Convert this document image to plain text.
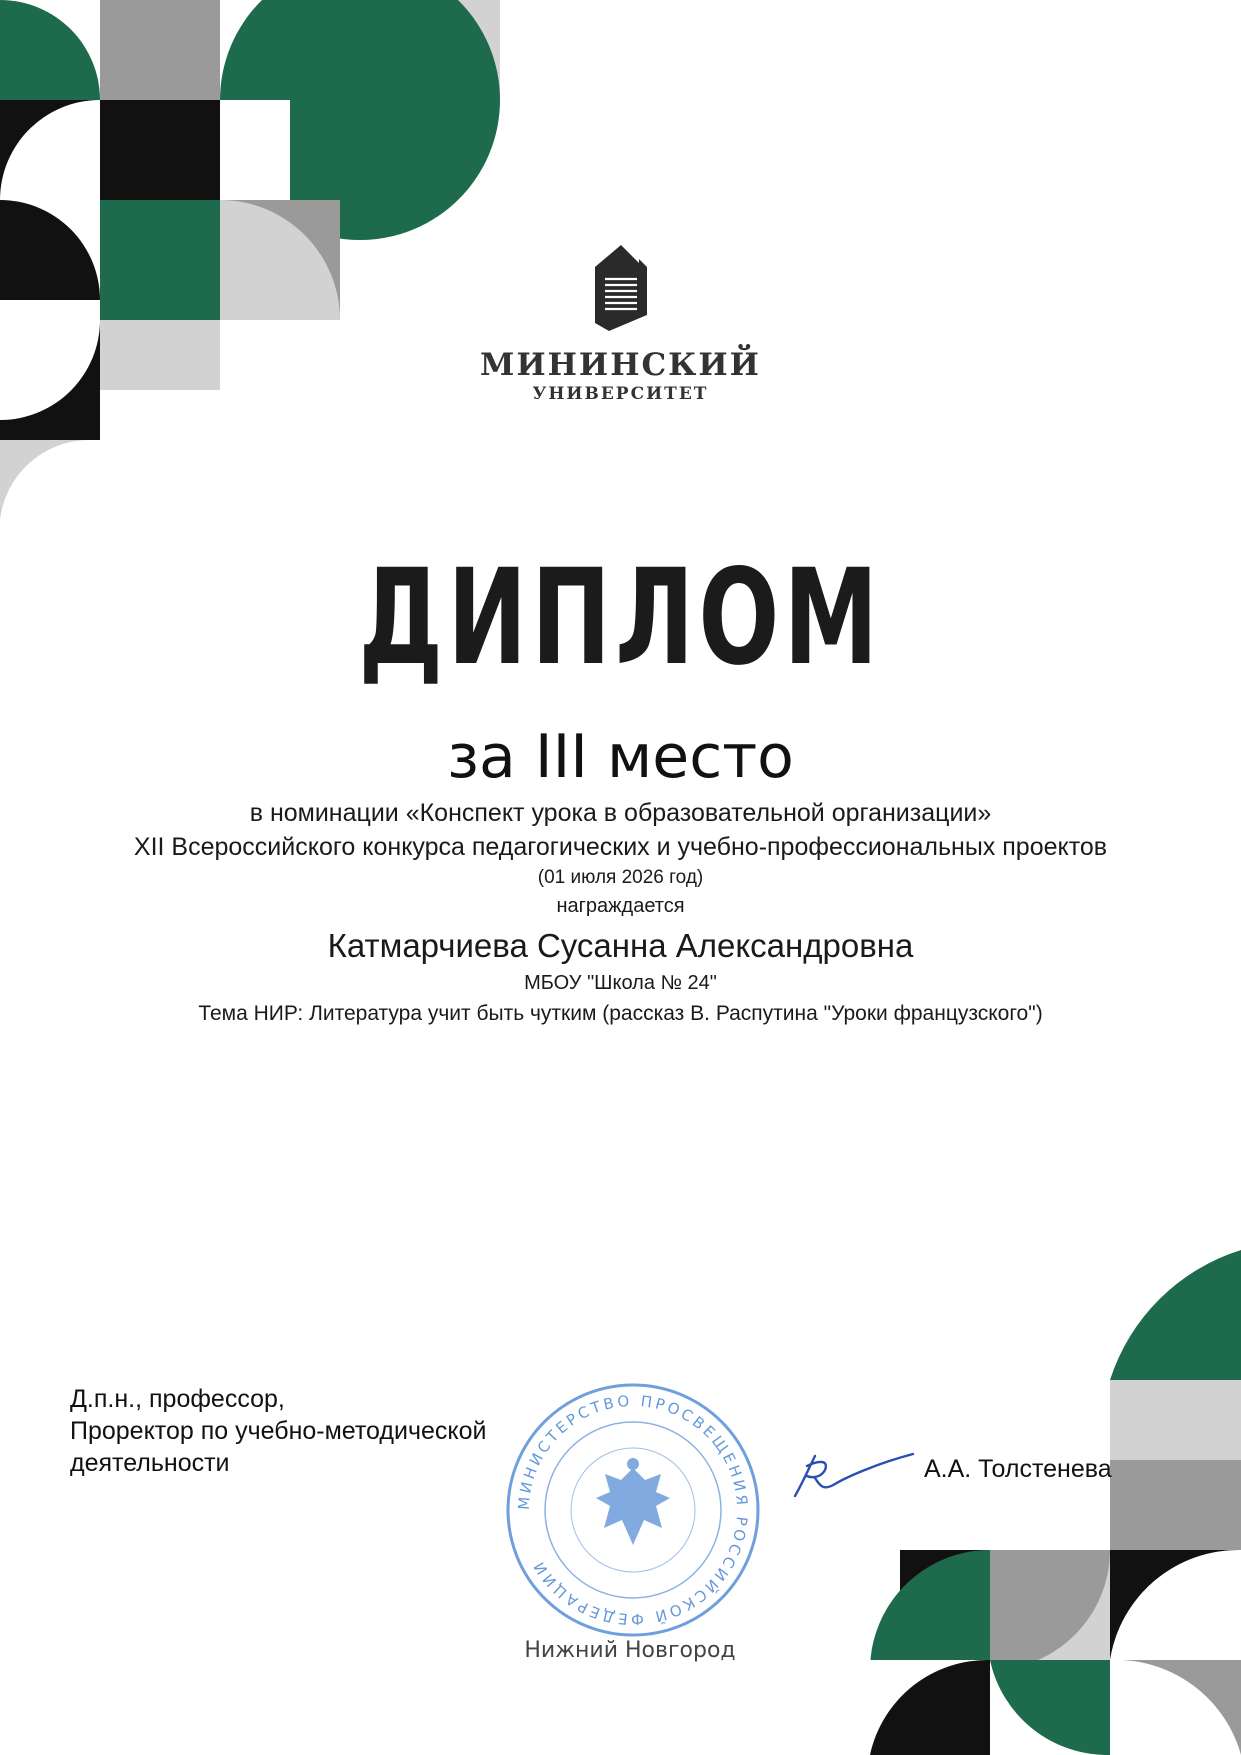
МИНИНСКИЙ
УНИВЕРСИТЕТ
ДИПЛОМ
за III место
в номинации «Конспект урока в образовательной организации»
XII Всероссийского конкурса педагогических и учебно-профессиональных проектов
(01 июля 2026 год)
награждается
Катмарчиева Сусанна Александровна
МБОУ "Школа № 24"
Тема НИР: Литература учит быть чутким (рассказ В. Распутина "Уроки французского")
Д.п.н., профессор,
Проректор по учебно-методической
деятельности
МИНИСТЕРСТВО ПРОСВЕЩЕНИЯ РОССИЙСКОЙ ФЕДЕРАЦИИ
А.А. Толстенева
Нижний Новгород
